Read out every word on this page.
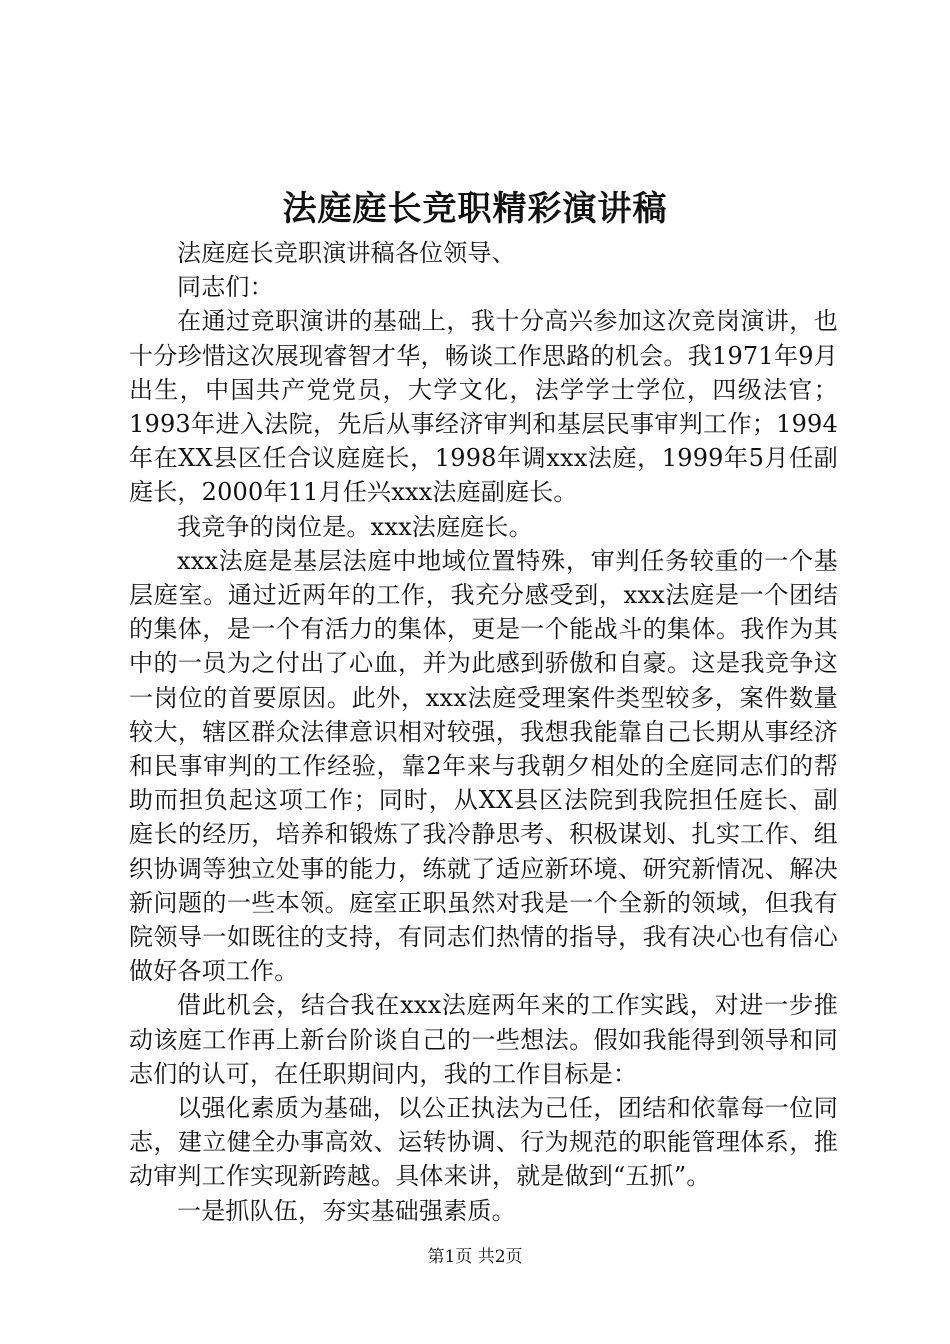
法庭庭长竞职精彩演讲稿

法庭庭长竞职演讲稿各位领导、

同志们：

在通过竞职演讲的基础上，我十分高兴参加这次竞岗演讲，也十分珍惜这次展现睿智才华，畅谈工作思路的机会。我1971年9月出生，中国共产党党员，大学文化，法学学士学位，四级法官；1993年进入法院，先后从事经济审判和基层民事审判工作；1994年在XX县区任合议庭庭长，1998年调xxx法庭，1999年5月任副庭长，2000年11月任兴xxx法庭副庭长。

我竞争的岗位是。xxx法庭庭长。

xxx法庭是基层法庭中地域位置特殊，审判任务较重的一个基层庭室。通过近两年的工作，我充分感受到，xxx法庭是一个团结的集体，是一个有活力的集体，更是一个能战斗的集体。我作为其中的一员为之付出了心血，并为此感到骄傲和自豪。这是我竞争这一岗位的首要原因。此外，xxx法庭受理案件类型较多，案件数量较大，辖区群众法律意识相对较强，我想我能靠自己长期从事经济和民事审判的工作经验，靠2年来与我朝夕相处的全庭同志们的帮助而担负起这项工作；同时，从XX县区法院到我院担任庭长、副庭长的经历，培养和锻炼了我冷静思考、积极谋划、扎实工作、组织协调等独立处事的能力，练就了适应新环境、研究新情况、解决新问题的一些本领。庭室正职虽然对我是一个全新的领域，但我有院领导一如既往的支持，有同志们热情的指导，我有决心也有信心做好各项工作。

借此机会，结合我在xxx法庭两年来的工作实践，对进一步推动该庭工作再上新台阶谈自己的一些想法。假如我能得到领导和同志们的认可，在任职期间内，我的工作目标是：

以强化素质为基础，以公正执法为己任，团结和依靠每一位同志，建立健全办事高效、运转协调、行为规范的职能管理体系，推动审判工作实现新跨越。具体来讲，就是做到“五抓”。

一是抓队伍，夯实基础强素质。

第1页 共2页
